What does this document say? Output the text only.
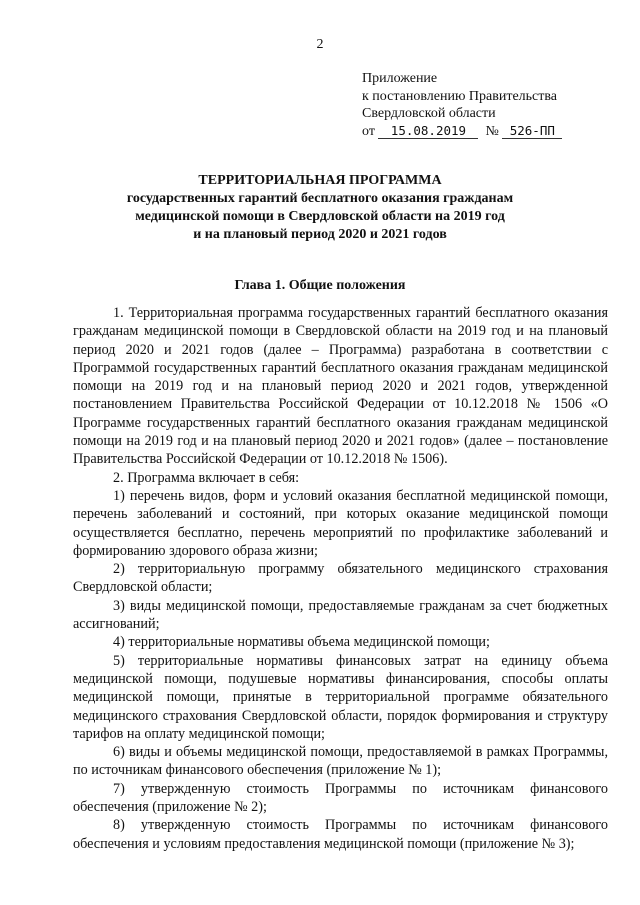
2
Приложение
к постановлению Правительства
Свердловской области
от 15.08.2019 № 526-ПП
ТЕРРИТОРИАЛЬНАЯ ПРОГРАММА
государственных гарантий бесплатного оказания гражданам
медицинской помощи в Свердловской области на 2019 год
и на плановый период 2020 и 2021 годов
Глава 1. Общие положения

1. Территориальная программа государственных гарантий бесплатного оказания гражданам медицинской помощи в Свердловской области на 2019 год и на плановый период 2020 и 2021 годов (далее – Программа) разработана в соответствии с Программой государственных гарантий бесплатного оказания гражданам медицинской помощи на 2019 год и на плановый период 2020 и 2021 годов, утвержденной постановлением Правительства Российской Федерации от 10.12.2018 № 1506 «О Программе государственных гарантий бесплатного оказания гражданам медицинской помощи на 2019 год и на плановый период 2020 и 2021 годов» (далее – постановление Правительства Российской Федерации от 10.12.2018 № 1506).

2. Программа включает в себя:

1) перечень видов, форм и условий оказания бесплатной медицинской помощи, перечень заболеваний и состояний, при которых оказание медицинской помощи осуществляется бесплатно, перечень мероприятий по профилактике заболеваний и формированию здорового образа жизни;

2) территориальную программу обязательного медицинского страхования Свердловской области;

3) виды медицинской помощи, предоставляемые гражданам за счет бюджетных ассигнований;

4) территориальные нормативы объема медицинской помощи;

5) территориальные нормативы финансовых затрат на единицу объема медицинской помощи, подушевые нормативы финансирования, способы оплаты медицинской помощи, принятые в территориальной программе обязательного медицинского страхования Свердловской области, порядок формирования и структуру тарифов на оплату медицинской помощи;

6) виды и объемы медицинской помощи, предоставляемой в рамках Программы, по источникам финансового обеспечения (приложение № 1);

7) утвержденную стоимость Программы по источникам финансового обеспечения (приложение № 2);

8) утвержденную стоимость Программы по источникам финансового обеспечения и условиям предоставления медицинской помощи (приложение № 3);
